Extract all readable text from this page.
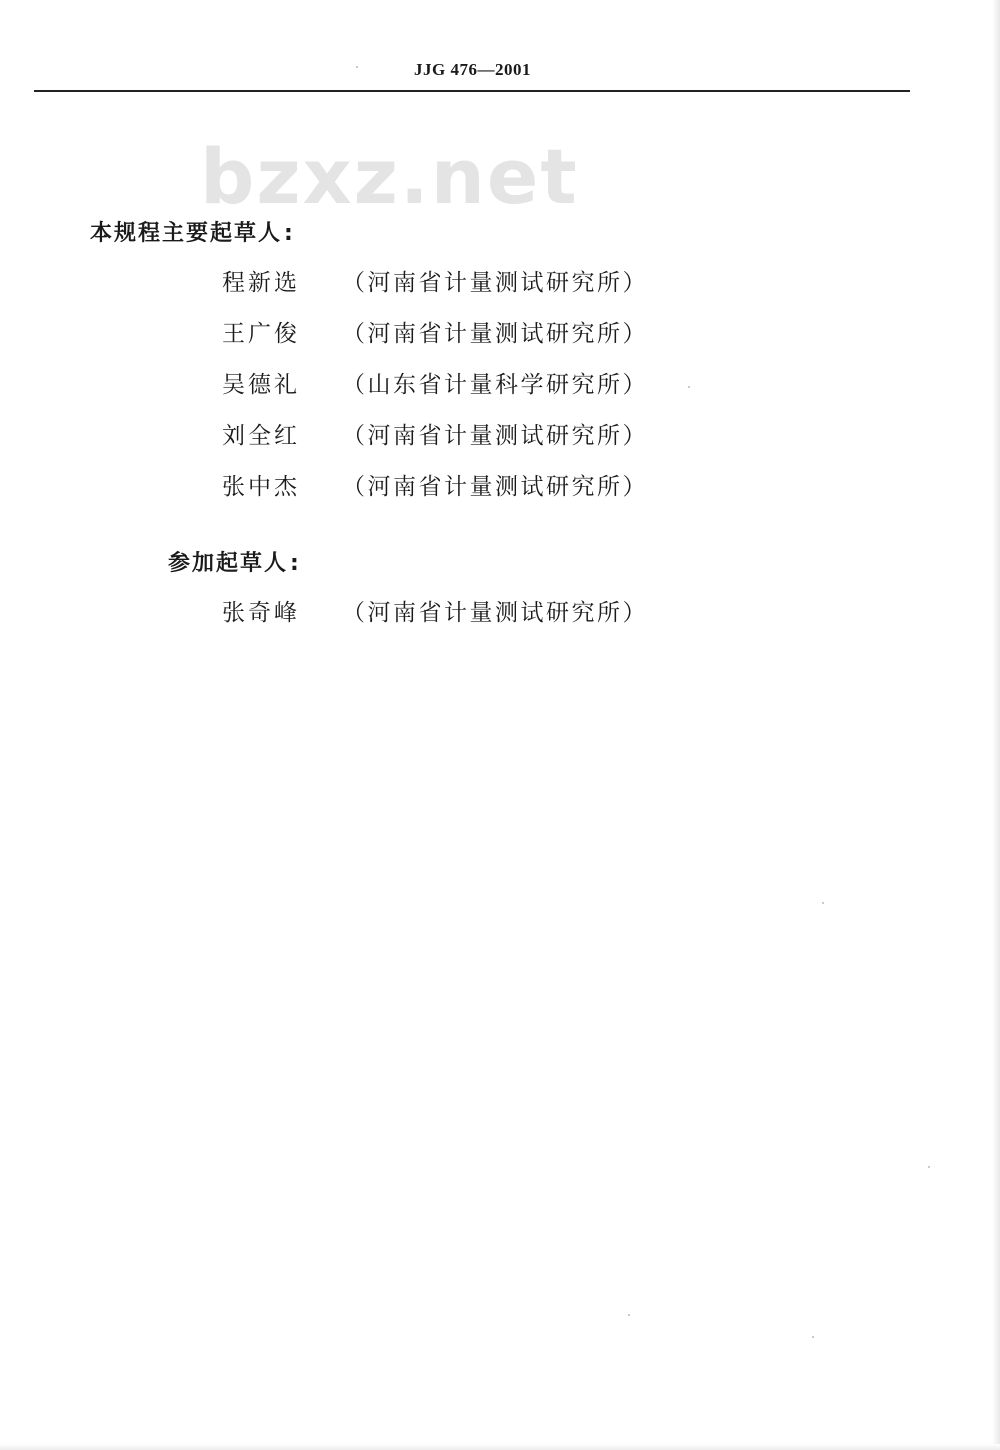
JJG 476—2001
bzxz.net
本规程主要起草人:
程新选	（河南省计量测试研究所）
王广俊	（河南省计量测试研究所）
吴德礼	（山东省计量科学研究所）
刘全红	（河南省计量测试研究所）
张中杰	（河南省计量测试研究所）
参加起草人:
张奇峰	（河南省计量测试研究所）
